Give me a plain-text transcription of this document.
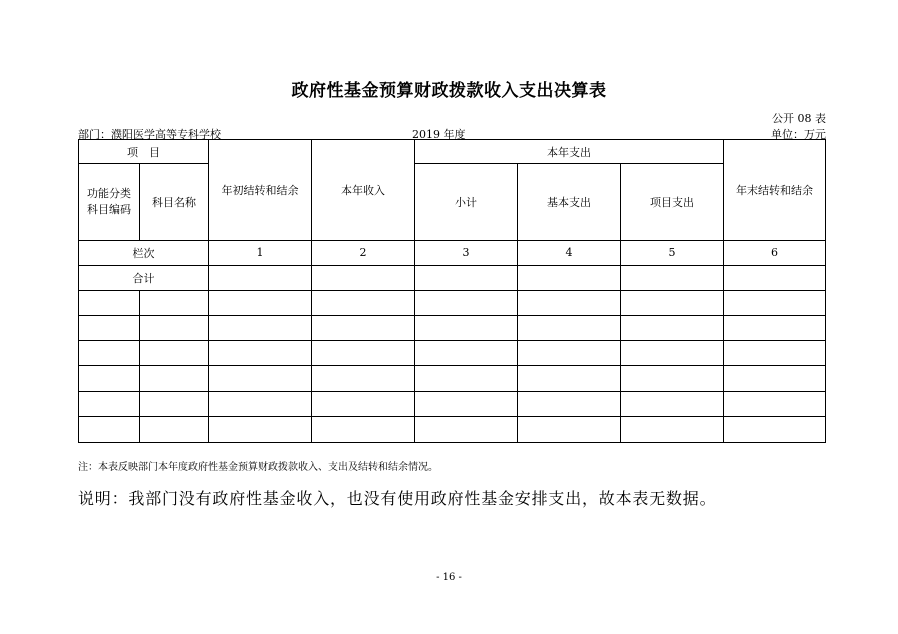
政府性基金预算财政拨款收入支出决算表
公开 08 表
部门：濮阳医学高等专科学校	2019 年度	单位：万元
项　目		年初结转和结余	本年收入	本年支出			年末结转和结余
功能分类科目编码	科目名称			小计	基本支出	项目支出	
栏次		1	2	3	4	5	6
合计							

注：本表反映部门本年度政府性基金预算财政拨款收入、支出及结转和结余情况。
说明：我部门没有政府性基金收入，也没有使用政府性基金安排支出，故本表无数据。
- 16 -
